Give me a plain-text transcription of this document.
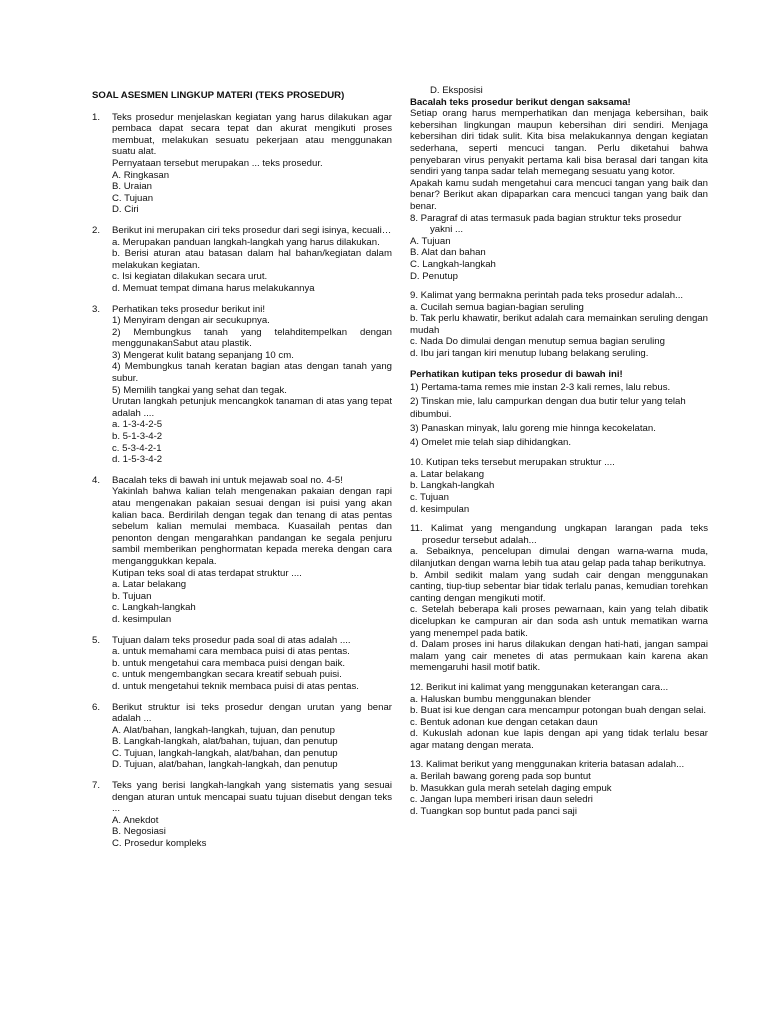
SOAL ASESMEN LINGKUP MATERI (TEKS PROSEDUR)
1.	Teks prosedur menjelaskan kegiatan yang harus dilakukan agar pembaca dapat secara tepat dan akurat mengikuti proses membuat, melakukan sesuatu pekerjaan atau menggunakan suatu alat.
Pernyataan tersebut merupakan ... teks prosedur.
A. Ringkasan
B. Uraian
C. Tujuan
D. Ciri
2.	Berikut ini merupakan ciri teks prosedur dari segi isinya, kecuali…
a. Merupakan panduan langkah-langkah yang harus dilakukan.
b. Berisi aturan atau batasan dalam hal bahan/kegiatan dalam melakukan kegiatan.
c. Isi kegiatan dilakukan secara urut.
d. Memuat tempat dimana harus melakukannya
3.	Perhatikan teks prosedur berikut ini!
1) Menyiram dengan air secukupnya.
2) Membungkus tanah yang telahditempelkan dengan menggunakanSabut atau plastik.
3) Mengerat kulit batang sepanjang 10 cm.
4) Membungkus tanah keratan bagian atas dengan tanah yang subur.
5) Memilih tangkai yang sehat dan tegak.
Urutan langkah petunjuk mencangkok tanaman di atas yang tepat adalah ....
a. 1-3-4-2-5
b. 5-1-3-4-2
c. 5-3-4-2-1
d. 1-5-3-4-2
4.	Bacalah teks di bawah ini untuk mejawab soal no. 4-5!
Yakinlah bahwa kalian telah mengenakan pakaian dengan rapi atau mengenakan pakaian sesuai dengan isi puisi yang akan kalian baca. Berdirilah dengan tegak dan tenang di atas pentas sebelum kalian memulai membaca. Kuasailah pentas dan penonton dengan mengarahkan pandangan ke segala penjuru sambil memberikan penghormatan kepada mereka dengan cara menganggukkan kepala.
Kutipan teks soal di atas terdapat struktur ....
a. Latar belakang
b. Tujuan
c. Langkah-langkah
d. kesimpulan
5.	Tujuan dalam teks prosedur pada soal di atas adalah ....
a. untuk memahami cara membaca puisi di atas pentas.
b. untuk mengetahui cara membaca puisi dengan baik.
c. untuk mengembangkan secara kreatif sebuah puisi.
d. untuk mengetahui teknik membaca puisi di atas pentas.
6.	Berikut struktur isi teks prosedur dengan urutan yang benar adalah ...
A. Alat/bahan, langkah-langkah, tujuan, dan penutup
B. Langkah-langkah, alat/bahan, tujuan, dan penutup
C. Tujuan, langkah-langkah, alat/bahan, dan penutup
D. Tujuan, alat/bahan, langkah-langkah, dan penutup
7.	Teks yang berisi langkah-langkah yang sistematis yang sesuai dengan aturan untuk mencapai suatu tujuan disebut dengan teks ...
A. Anekdot
B. Negosiasi
C. Prosedur kompleks
D. Eksposisi
Bacalah teks prosedur berikut dengan saksama!
Setiap orang harus memperhatikan dan menjaga kebersihan, baik kebersihan lingkungan maupun kebersihan diri sendiri. Menjaga kebersihan diri tidak sulit. Kita bisa melakukannya dengan kegiatan sederhana, seperti mencuci tangan. Perlu diketahui bahwa penyebaran virus penyakit pertama kali bisa berasal dari tangan kita sendiri yang tanpa sadar telah memegang sesuatu yang kotor.
Apakah kamu sudah mengetahui cara mencuci tangan yang baik dan benar? Berikut akan dipaparkan cara mencuci tangan yang baik dan benar.
8. Paragraf di atas termasuk pada bagian struktur teks prosedur
yakni ...
A. Tujuan
B. Alat dan bahan
C. Langkah-langkah
D. Penutup
9. Kalimat yang bermakna perintah pada teks prosedur adalah...
a. Cucilah semua bagian-bagian seruling
b. Tak perlu khawatir, berikut adalah cara memainkan seruling dengan mudah
c. Nada Do dimulai dengan menutup semua bagian seruling
d. Ibu jari tangan kiri menutup lubang belakang seruling.
Perhatikan kutipan teks prosedur di bawah ini!
1) Pertama-tama remes mie instan 2-3 kali remes, lalu rebus.
2) Tinskan mie, lalu campurkan dengan dua butir telur yang telah dibumbui.
3) Panaskan minyak, lalu goreng mie hinnga kecokelatan.
4) Omelet mie telah siap dihidangkan.
10. Kutipan teks tersebut merupakan struktur ....
a. Latar belakang
b. Langkah-langkah
c. Tujuan
d. kesimpulan
11. Kalimat yang mengandung ungkapan larangan pada teks prosedur tersebut adalah...
a. Sebaiknya, pencelupan dimulai dengan warna-warna muda, dilanjutkan dengan warna lebih tua atau gelap pada tahap berikutnya.
b. Ambil sedikit malam yang sudah cair dengan menggunakan canting, tiup-tiup sebentar biar tidak terlalu panas, kemudian torehkan canting dengan mengikuti motif.
c. Setelah beberapa kali proses pewarnaan, kain yang telah dibatik dicelupkan ke campuran air dan soda ash untuk mematikan warna yang menempel pada batik.
d. Dalam proses ini harus dilakukan dengan hati-hati, jangan sampai malam yang cair menetes di atas permukaan kain karena akan memengaruhi hasil motif batik.
12. Berikut ini kalimat yang menggunakan keterangan cara...
a. Haluskan bumbu menggunakan blender
b. Buat isi kue dengan cara mencampur potongan buah dengan selai.
c. Bentuk adonan kue dengan cetakan daun
d. Kukuslah adonan kue lapis dengan api yang tidak terlalu besar agar matang dengan merata.
13. Kalimat berikut yang menggunakan kriteria batasan adalah...
a. Berilah bawang goreng pada sop buntut
b. Masukkan gula merah setelah daging empuk
c. Jangan lupa memberi irisan daun seledri
d. Tuangkan sop buntut pada panci saji
